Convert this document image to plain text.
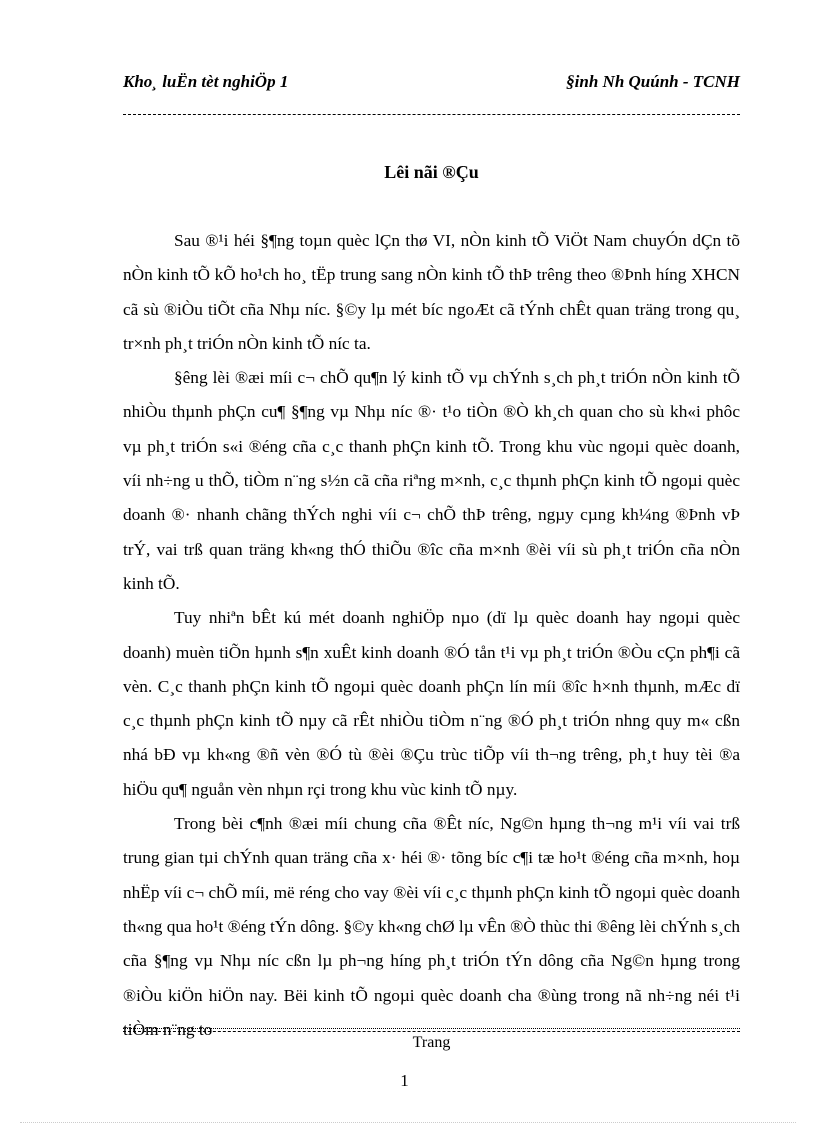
Kho¸ luËn tèt nghiÖp 1	§inh Nh Quúnh - TCNH
Lêi nãi ®Çu

Sau ®¹i héi §¶ng toµn quèc lÇn thø VI, nÒn kinh tÕ ViÖt Nam chuyÓn dÇn tõ nÒn kinh tÕ kÕ ho¹ch ho¸ tËp trung sang nÒn kinh tÕ thÞ trêng theo ®Þnh híng XHCN cã sù ®iÒu tiÕt cña Nhµ níc. §©y lµ mét bíc ngoÆt cã tÝnh chÊt quan träng trong qu¸ tr×nh ph¸t triÓn nÒn kinh tÕ níc ta.

§êng lèi ®æi míi c¬ chÕ qu¶n lý kinh tÕ vµ chÝnh s¸ch ph¸t triÓn nÒn kinh tÕ nhiÒu thµnh phÇn cu¶ §¶ng vµ Nhµ níc ®· t¹o tiÒn ®Ò kh¸ch quan cho sù kh«i phôc vµ ph¸t triÓn s«i ®éng cña c¸c thanh phÇn kinh tÕ. Trong khu vùc ngoµi quèc doanh, víi nh÷ng u thÕ, tiÒm n¨ng s½n cã cña riªng m×nh, c¸c thµnh phÇn kinh tÕ ngoµi quèc doanh ®· nhanh chãng thÝch nghi víi c¬ chÕ thÞ trêng, ngµy cµng kh¼ng ®Þnh vÞ trÝ, vai trß quan träng kh«ng thÓ thiÕu ®îc cña m×nh ®èi víi sù ph¸t triÓn cña nÒn kinh tÕ.

Tuy nhiªn bÊt kú mét doanh nghiÖp nµo (dï lµ quèc doanh hay ngoµi quèc doanh) muèn tiÕn hµnh s¶n xuÊt kinh doanh ®Ó tån t¹i vµ ph¸t triÓn ®Òu cÇn ph¶i cã vèn. C¸c thanh phÇn kinh tÕ ngoµi quèc doanh phÇn lín míi ®îc h×nh thµnh, mÆc dï c¸c thµnh phÇn kinh tÕ nµy cã rÊt nhiÒu tiÒm n¨ng ®Ó ph¸t triÓn nhng quy m« cßn nhá bÐ vµ kh«ng ®ñ vèn ®Ó tù ®èi ®Çu trùc tiÕp víi th¬ng trêng, ph¸t huy tèi ®a hiÖu qu¶ nguån vèn nhµn rçi trong khu vùc kinh tÕ nµy.

Trong bèi c¶nh ®æi míi chung cña ®Êt níc, Ng©n hµng th¬ng m¹i víi vai trß trung gian tµi chÝnh quan träng cña x· héi ®· tõng bíc c¶i tæ ho¹t ®éng cña m×nh, hoµ nhËp víi c¬ chÕ míi, më réng cho vay ®èi víi c¸c thµnh phÇn kinh tÕ ngoµi quèc doanh th«ng qua ho¹t ®éng tÝn dông. §©y kh«ng chØ lµ vÊn ®Ò thùc thi ®êng lèi chÝnh s¸ch cña §¶ng vµ Nhµ níc cßn lµ ph¬ng híng ph¸t triÓn tÝn dông cña Ng©n hµng trong ®iÒu kiÖn hiÖn nay. Bëi kinh tÕ ngoµi quèc doanh cha ®ùng trong nã nh÷ng néi t¹i tiÒm n¨ng to

Trang
1
